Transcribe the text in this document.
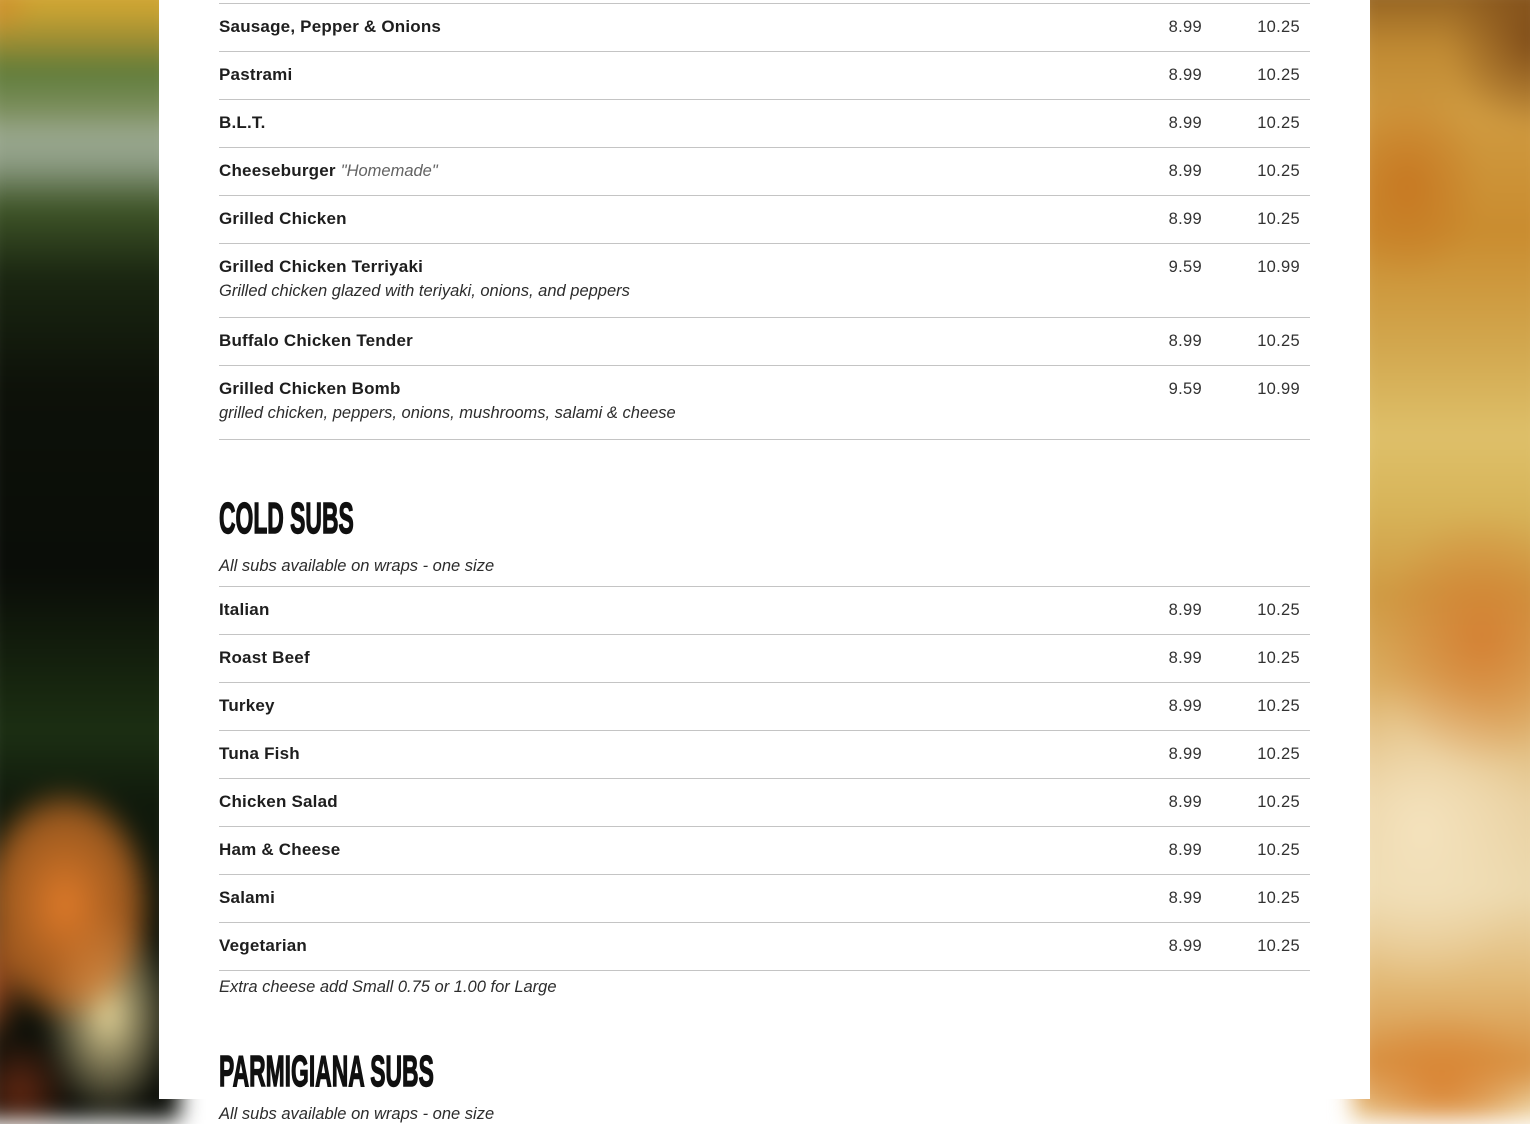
Sausage, Pepper & Onions	8.99	10.25
Pastrami	8.99	10.25
B.L.T.	8.99	10.25
Cheeseburger "Homemade"	8.99	10.25
Grilled Chicken	8.99	10.25
Grilled Chicken Terriyaki	9.59	10.99
Grilled chicken glazed with teriyaki, onions, and peppers
Buffalo Chicken Tender	8.99	10.25
Grilled Chicken Bomb	9.59	10.99
grilled chicken, peppers, onions, mushrooms, salami & cheese
COLD SUBS

All subs available on wraps - one size

Italian	8.99	10.25
Roast Beef	8.99	10.25
Turkey	8.99	10.25
Tuna Fish	8.99	10.25
Chicken Salad	8.99	10.25
Ham & Cheese	8.99	10.25
Salami	8.99	10.25
Vegetarian	8.99	10.25

Extra cheese add Small 0.75 or 1.00 for Large

PARMIGIANA SUBS

All subs available on wraps - one size
